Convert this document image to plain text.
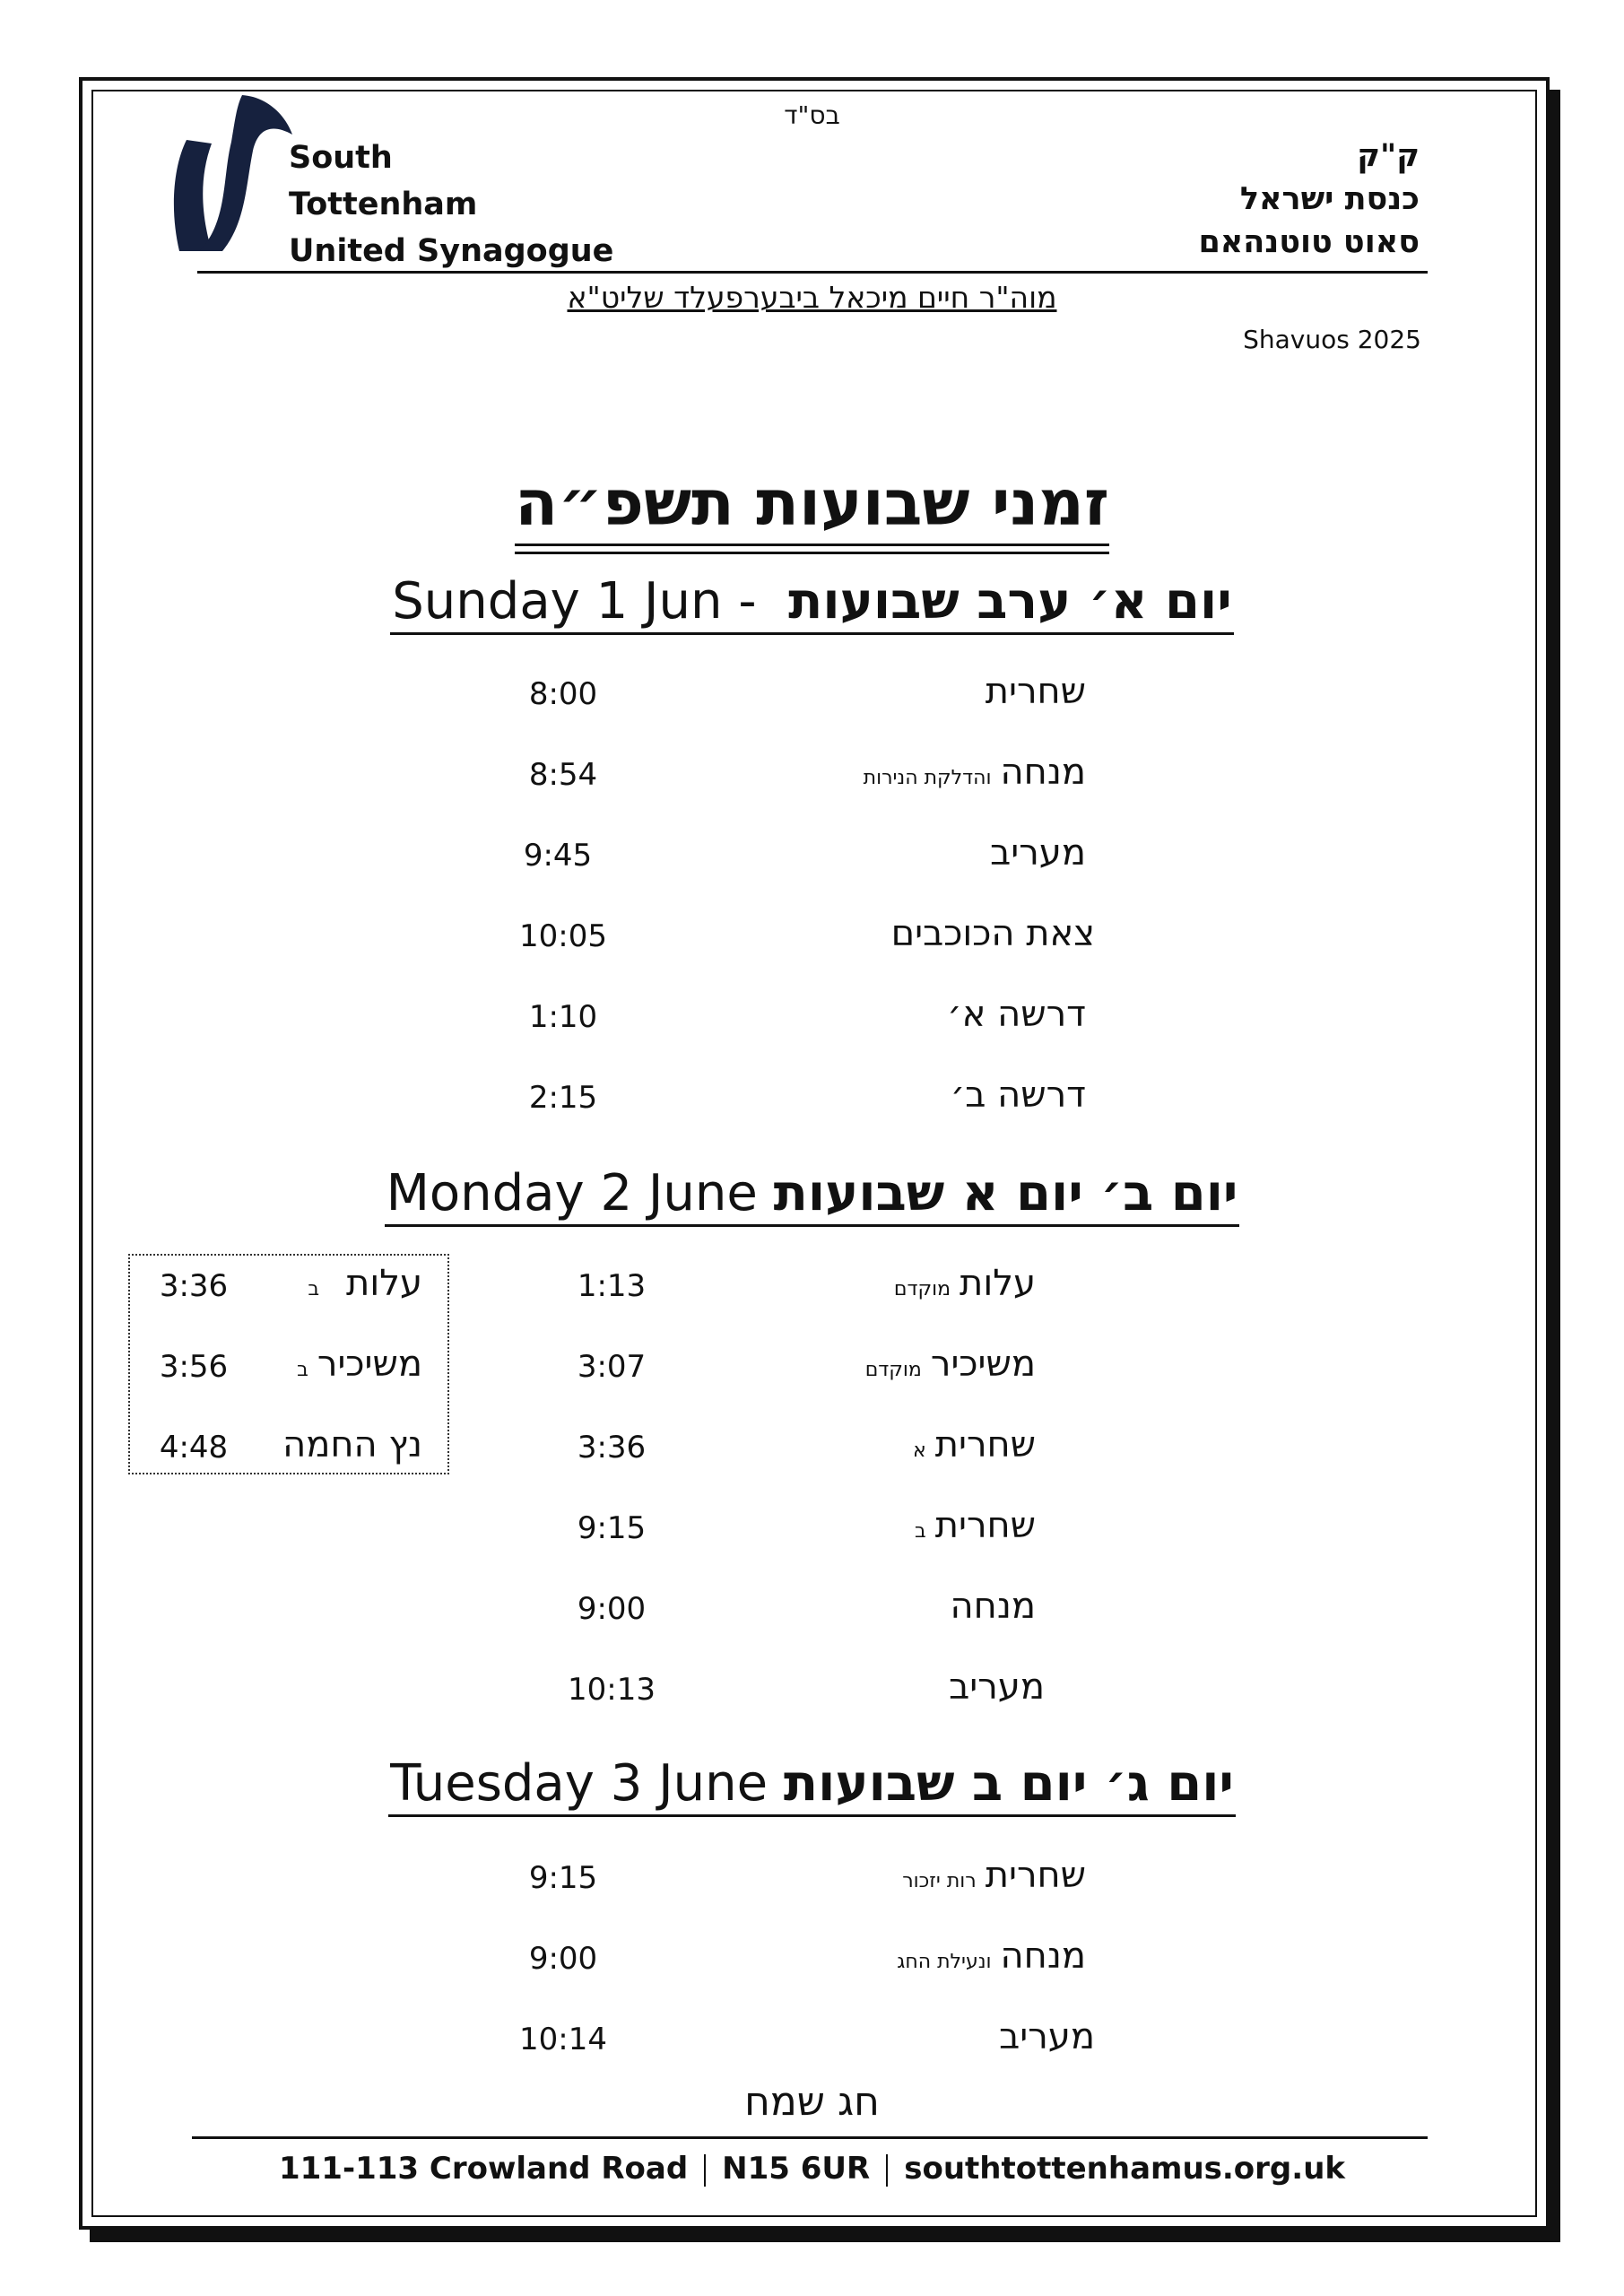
בס"ד
South
Tottenham
United Synagogue
ק"ק
כנסת ישראל
סאוט טוטנהאם
מוה"ר חיים מיכאל ביבערפעלד שליט"א
Shavuos 2025
זמני שבועות תשפ״ה
Sunday 1 Jun - יום א׳ ערב שבועות
שחרית
8:00
מנחהוהדלקת הנירות
8:54
מעריב
9:45
צאת הכוכבים
10:05
דרשה א׳
1:10
דרשה ב׳
2:15
Monday 2 June יום ב׳ יום א שבועות
עלותמוקדם
1:13
משיכירמוקדם
3:07
שחריתא
3:36
שחריתב
9:15
מנחה
9:00
מעריב
10:13
עלותב
3:36
משיכירב
3:56
נץ החמה
4:48
Tuesday 3 June יום ג׳ יום ב שבועות
שחריתרות יזכור
9:15
מנחהונעילת החג
9:00
מעריב
10:14
חג שמח
111-113 Crowland Road N15 6UR southtottenhamus.org.uk
